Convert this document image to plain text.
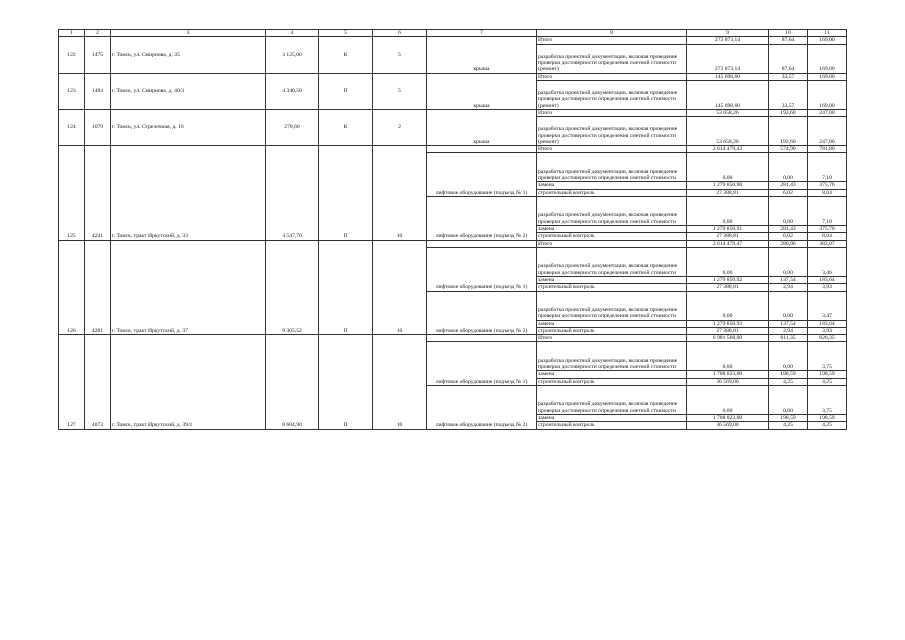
1	2	3	4	5	6	7	8	9	10	11
122	1475	г. Томск, ул. Смирнова, д. 35	3 125,00	К	5	крыша	Итого	273 873,14	87,64	169,00
							разработка проектной документации, включая проведение проверки достоверности определения сметной стоимости (ремонт)	273 873,14	87,64	169,00
123	1484	г. Томск, ул. Смирнова, д. 40/3	4 340,50	П	5	крыша	Итого	145 698,60	33,57	169,00
							разработка проектной документации, включая проведение проверки достоверности определения сметной стоимости (ремонт)	145 698,60	33,57	169,00
124	1079	г. Томск, ул. Стрелочная, д. 16	278,60	К	2	крыша	Итого	53 658,26	192,60	247,00
							разработка проектной документации, включая проведение проверки достоверности определения сметной стоимости (ремонт)	53 658,26	192,60	247,00
125	4241	г. Томск, тракт Иркутский, д. 33	4 547,70	П	10		Итого	2 614 479,43	574,90	781,80
						лифтовое оборудование (подъезд № 1)	разработка проектной документации, включая проведение проверки достоверности определения сметной стоимости	0,00	0,00	7,10
							замена	1 279 850,90	281,43	375,76
							строительный контроль	27 388,81	6,02	8,04
						лифтовое оборудование (подъезд № 2)	разработка проектной документации, включая проведение проверки достоверности определения сметной стоимости	0,00	0,00	7,10
							замена	1 279 850,91	281,43	375,76
							строительный контроль	27 388,81	6,02	8,04
126	4281	г. Томск, тракт Иркутский, д. 37	9 305,52	П	10		Итого	2 614 479,47	280,96	382,07
						лифтовое оборудование (подъезд № 1)	разработка проектной документации, включая проведение проверки достоверности определения сметной стоимости	0,00	0,00	3,46
							замена	1 279 850,92	137,54	183,64
							строительный контроль	27 388,81	2,94	3,93
						лифтовое оборудование (подъезд № 2)	разработка проектной документации, включая проведение проверки достоверности определения сметной стоимости	0,00	0,00	3,47
							замена	1 279 850,93	137,54	183,64
							строительный контроль	27 388,81	2,94	3,93
127	4073	г. Томск, тракт Иркутский, д. 39/1	8 604,90	П	10		Итого	6 981 568,00	811,35	826,35
						лифтовое оборудование (подъезд № 1)	разработка проектной документации, включая проведение проверки достоверности определения сметной стоимости	0,00	0,00	3,75
							замена	1 708 823,00	198,59	198,59
							строительный контроль	36 569,00	4,25	4,25
						лифтовое оборудование (подъезд № 2)	разработка проектной документации, включая проведение проверки достоверности определения сметной стоимости	0,00	0,00	3,75
							замена	1 708 823,00	198,59	198,59
							строительный контроль	36 569,00	4,25	4,25
